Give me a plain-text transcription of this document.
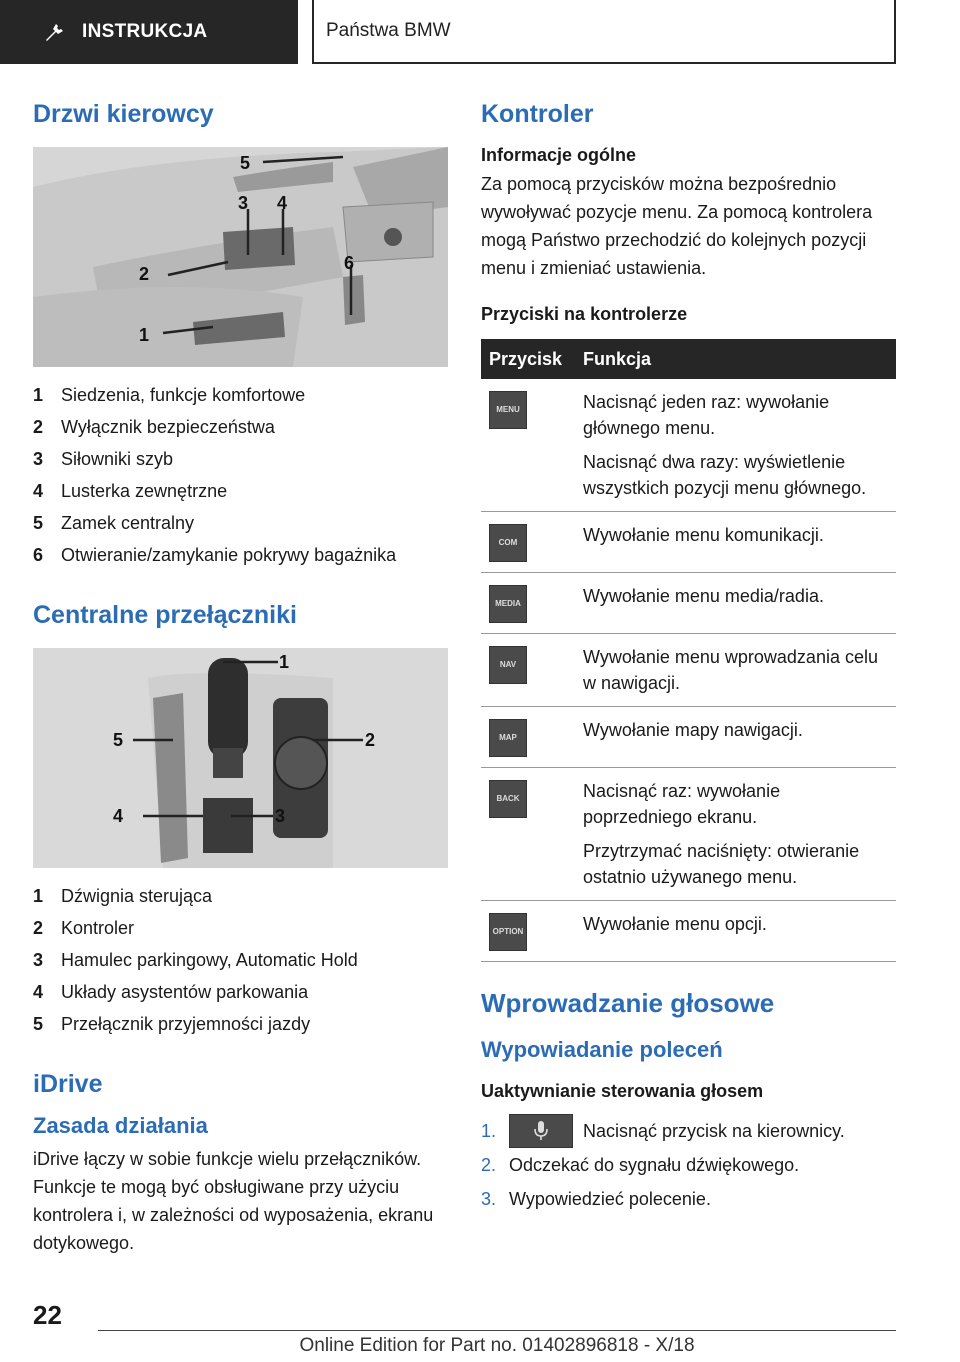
INSTRUKCJA	Państwa BMW
Drzwi kierowcy
5
3 4
2
1
6
1 Siedzenia, funkcje komfortowe
2 Wyłącznik bezpieczeństwa
3 Siłowniki szyb
4 Lusterka zewnętrzne
5 Zamek centralny
6 Otwieranie/zamykanie pokrywy bagażnika
Centralne przełączniki
1
2
3
4
5
1 Dźwignia sterująca
2 Kontroler
3 Hamulec parkingowy, Automatic Hold
4 Układy asystentów parkowania
5 Przełącznik przyjemności jazdy
iDrive
Zasada działania

iDrive łączy w sobie funkcje wielu przełączników. Funkcje te mogą być obsługiwane przy użyciu kontrolera i, w zależności od wyposażenia, ekranu dotykowego.

Kontroler
Informacje ogólne

Za pomocą przycisków można bezpośrednio wywoływać pozycje menu. Za pomocą kontrolera mogą Państwo przechodzić do kolejnych pozycji menu i zmieniać ustawienia.

Przyciski na kontrolerze
Przycisk	Funkcja

MENU	Nacisnąć jeden raz: wywołanie głównego menu.

Nacisnąć dwa razy: wyświetlenie wszystkich pozycji menu głównego.

COM	Wywołanie menu komunikacji.

MEDIA	Wywołanie menu media/radia.

NAV	Wywołanie menu wprowadzania celu w nawigacji.

MAP	Wywołanie mapy nawigacji.

BACK	Nacisnąć raz: wywołanie poprzedniego ekranu.

Przytrzymać naciśnięty: otwieranie ostatnio używanego menu.

OPTION	Wywołanie menu opcji.

Wprowadzanie głosowe
Wypowiadanie poleceń
Uaktywnianie sterowania głosem
1.	Nacisnąć przycisk na kierownicy.
2. Odczekać do sygnału dźwiękowego.
3. Wypowiedzieć polecenie.
22
Online Edition for Part no. 01402896818 - X/18
